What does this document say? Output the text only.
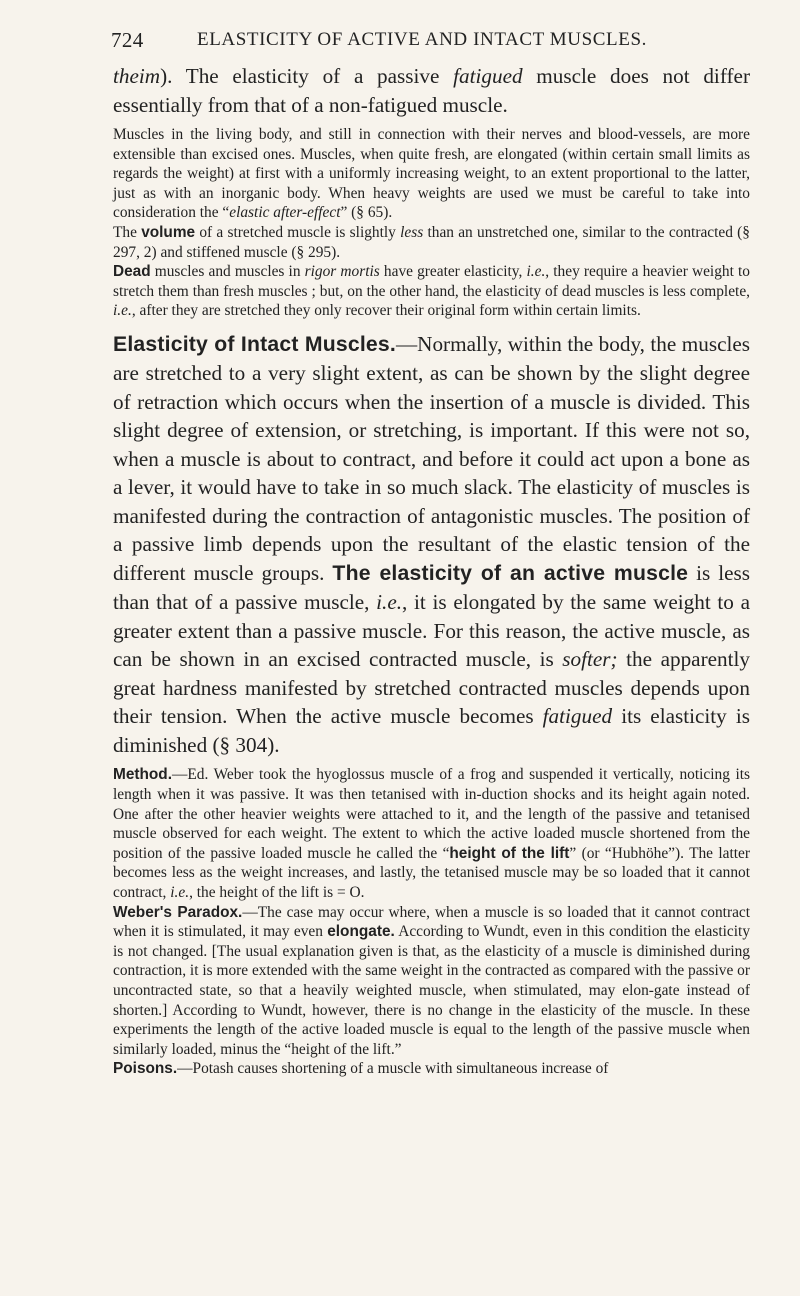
724	ELASTICITY OF ACTIVE AND INTACT MUSCLES.

theim). The elasticity of a passive fatigued muscle does not differ essentially from that of a non-fatigued muscle.

Muscles in the living body, and still in connection with their nerves and blood-vessels, are more extensible than excised ones. Muscles, when quite fresh, are elongated (within certain small limits as regards the weight) at first with a uniformly increasing weight, to an extent proportional to the latter, just as with an inorganic body. When heavy weights are used we must be careful to take into consideration the “elastic after-effect” (§ 65).

The volume of a stretched muscle is slightly less than an unstretched one, similar to the contracted (§ 297, 2) and stiffened muscle (§ 295).

Dead muscles and muscles in rigor mortis have greater elasticity, i.e., they require a heavier weight to stretch them than fresh muscles ; but, on the other hand, the elasticity of dead muscles is less complete, i.e., after they are stretched they only recover their original form within certain limits.

Elasticity of Intact Muscles.—Normally, within the body, the muscles are stretched to a very slight extent, as can be shown by the slight degree of retraction which occurs when the insertion of a muscle is divided. This slight degree of extension, or stretching, is important. If this were not so, when a muscle is about to contract, and before it could act upon a bone as a lever, it would have to take in so much slack. The elasticity of muscles is manifested during the contraction of antagonistic muscles. The position of a passive limb depends upon the resultant of the elastic tension of the different muscle groups. The elasticity of an active muscle is less than that of a passive muscle, i.e., it is elongated by the same weight to a greater extent than a passive muscle. For this reason, the active muscle, as can be shown in an excised contracted muscle, is softer; the apparently great hardness manifested by stretched contracted muscles depends upon their tension. When the active muscle becomes fatigued its elasticity is diminished (§ 304).

Method.—Ed. Weber took the hyoglossus muscle of a frog and suspended it vertically, noticing its length when it was passive. It was then tetanised with in-duction shocks and its height again noted. One after the other heavier weights were attached to it, and the length of the passive and tetanised muscle observed for each weight. The extent to which the active loaded muscle shortened from the position of the passive loaded muscle he called the “height of the lift” (or “Hubhöhe”). The latter becomes less as the weight increases, and lastly, the tetanised muscle may be so loaded that it cannot contract, i.e., the height of the lift is = O.

Weber's Paradox.—The case may occur where, when a muscle is so loaded that it cannot contract when it is stimulated, it may even elongate. According to Wundt, even in this condition the elasticity is not changed. [The usual explanation given is that, as the elasticity of a muscle is diminished during contraction, it is more extended with the same weight in the contracted as compared with the passive or uncontracted state, so that a heavily weighted muscle, when stimulated, may elon-gate instead of shorten.] According to Wundt, however, there is no change in the elasticity of the muscle. In these experiments the length of the active loaded muscle is equal to the length of the passive muscle when similarly loaded, minus the “height of the lift.”

Poisons.—Potash causes shortening of a muscle with simultaneous increase of
